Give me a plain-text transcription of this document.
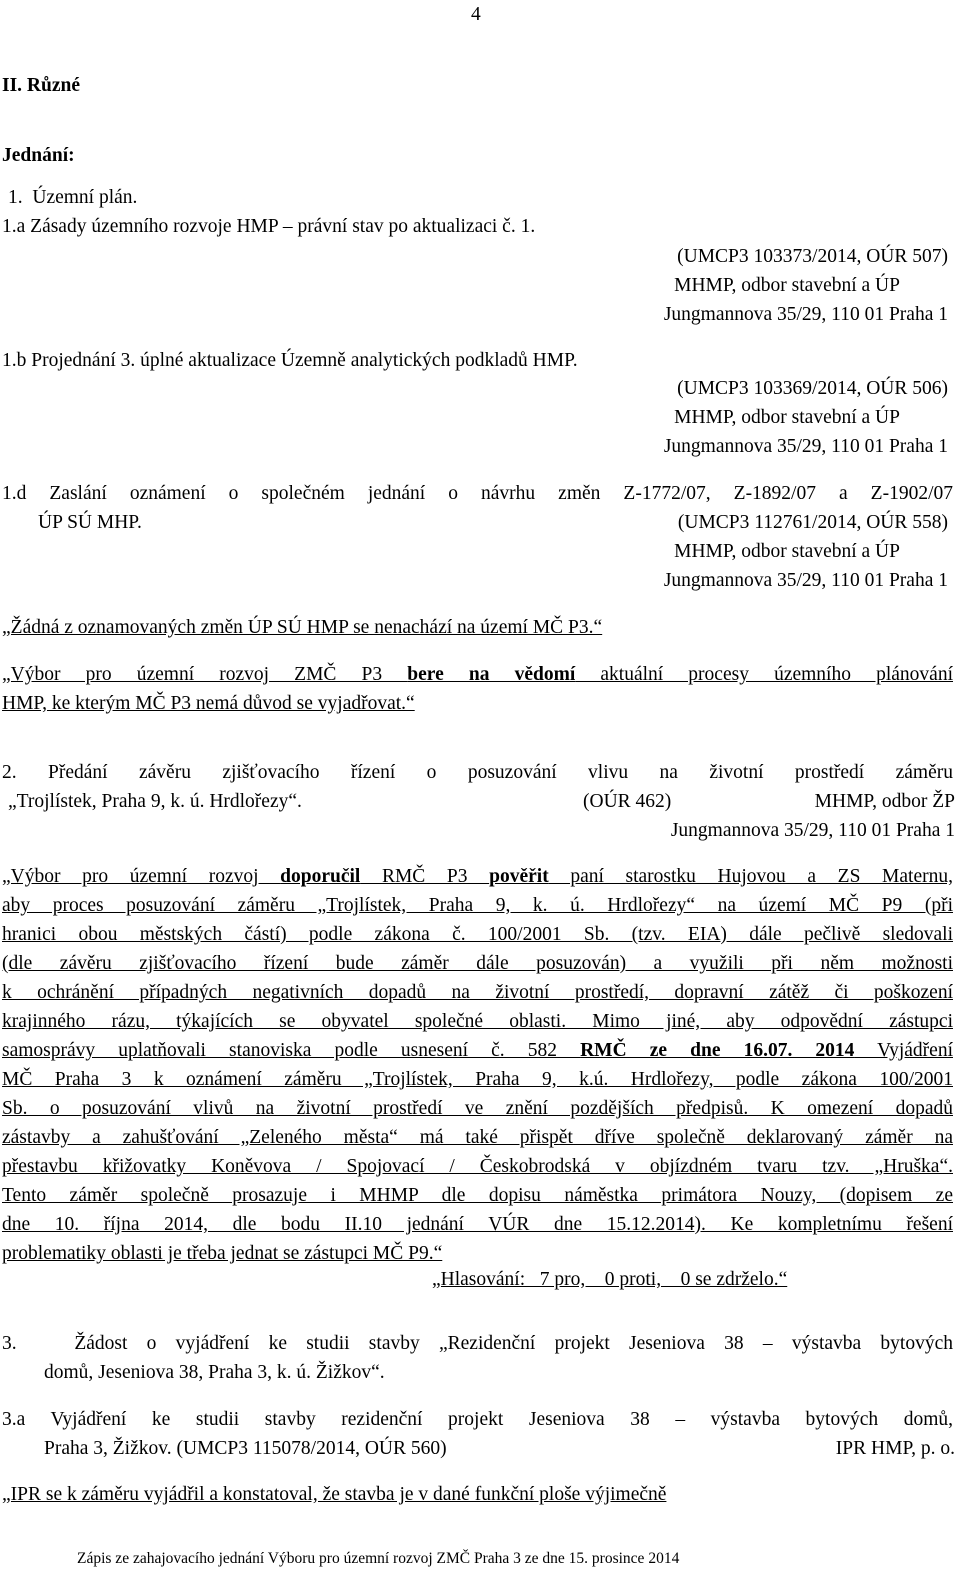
4
II. Různé
Jednání:
1.  Územní plán.
1.a Zásady územního rozvoje HMP – právní stav po aktualizaci č. 1.
(UMCP3 103373/2014, OÚR 507)
MHMP, odbor stavební a ÚP
Jungmannova 35/29, 110 01 Praha 1
1.b Projednání 3. úplné aktualizace Územně analytických podkladů HMP.
(UMCP3 103369/2014, OÚR 506)
MHMP, odbor stavební a ÚP
Jungmannova 35/29, 110 01 Praha 1
1.d Zaslání oznámení o společném jednání o návrhu změn Z-1772/07, Z-1892/07 a Z-1902/07
ÚP SÚ MHP.	(UMCP3 112761/2014, OÚR 558)
MHMP, odbor stavební a ÚP
Jungmannova 35/29, 110 01 Praha 1
„Žádná z oznamovaných změn ÚP SÚ HMP se nenachází na území MČ P3.“
„Výbor pro územní rozvoj ZMČ P3 bere na vědomí aktuální procesy územního plánování
HMP, ke kterým MČ P3 nemá důvod se vyjadřovat.“
2. Předání závěru zjišťovacího řízení o posuzování vlivu na životní prostředí záměru
„Trojlístek, Praha 9, k. ú. Hrdlořezy“.	(OÚR 462)	MHMP, odbor ŽP
Jungmannova 35/29, 110 01 Praha 1
„Výbor pro územní rozvoj doporučil RMČ P3 pověřit paní starostku Hujovou a ZS Maternu,
aby proces posuzování záměru „Trojlístek, Praha 9, k. ú. Hrdlořezy“ na území MČ P9 (při
hranici obou městských částí) podle zákona č. 100/2001 Sb. (tzv. EIA) dále pečlivě sledovali
(dle závěru zjišťovacího řízení bude záměr dále posuzován) a využili při něm možnosti
k ochránění případných negativních dopadů na životní prostředí, dopravní zátěž či poškození
krajinného rázu, týkajících se obyvatel společné oblasti. Mimo jiné, aby odpovědní zástupci
samosprávy uplatňovali stanoviska podle usnesení č. 582 RMČ ze dne 16.07. 2014 Vyjádření
MČ Praha 3 k oznámení záměru „Trojlístek, Praha 9, k.ú. Hrdlořezy, podle zákona 100/2001
Sb. o posuzování vlivů na životní prostředí ve znění pozdějších předpisů. K omezení dopadů
zástavby a zahušťování „Zeleného města“ má také přispět dříve společně deklarovaný záměr na
přestavbu křižovatky Koněvova / Spojovací / Českobrodská v objízdném tvaru tzv. „Hruška“.
Tento záměr společně prosazuje i MHMP dle dopisu náměstka primátora Nouzy, (dopisem ze
dne 10. října 2014, dle bodu II.10 jednání VÚR dne 15.12.2014). Ke kompletnímu řešení
problematiky oblasti je třeba jednat se zástupci MČ P9.“
„Hlasování:   7 pro,    0 proti,    0 se zdrželo.“
3.   Žádost o vyjádření ke studii stavby „Rezidenční projekt Jeseniova 38 – výstavba bytových
domů, Jeseniova 38, Praha 3, k. ú. Žižkov“.
3.a Vyjádření ke studii stavby rezidenční projekt Jeseniova 38 – výstavba bytových domů,
Praha 3, Žižkov. (UMCP3 115078/2014, OÚR 560)	IPR HMP, p. o.
„IPR se k záměru vyjádřil a konstatoval, že stavba je v dané funkční ploše výjimečně
Zápis ze zahajovacího jednání Výboru pro územní rozvoj ZMČ Praha 3 ze dne 15. prosince 2014
